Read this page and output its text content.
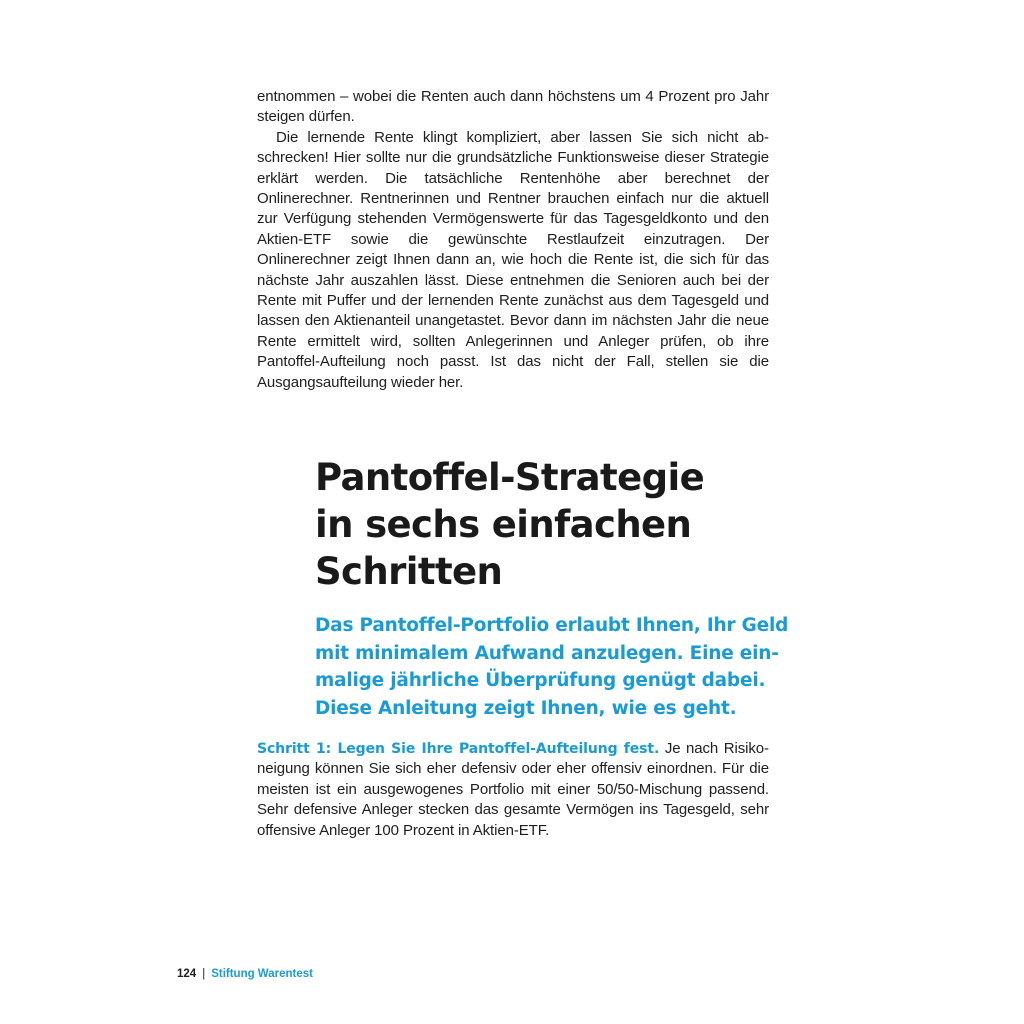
entnommen – wobei die Renten auch dann höchstens um 4 Prozent pro Jahr steigen dürfen.

Die lernende Rente klingt kompliziert, aber lassen Sie sich nicht abschrecken! Hier sollte nur die grundsätzliche Funktionsweise dieser Strategie erklärt werden. Die tatsächliche Rentenhöhe aber berechnet der Onlinerechner. Rentnerinnen und Rentner brauchen einfach nur die aktuell zur Verfügung stehenden Vermögenswerte für das Tagesgeldkonto und den Aktien-ETF sowie die gewünschte Restlaufzeit einzutragen. Der Onlinerechner zeigt Ihnen dann an, wie hoch die Rente ist, die sich für das nächste Jahr auszahlen lässt. Diese entnehmen die Senioren auch bei der Rente mit Puffer und der lernenden Rente zunächst aus dem Tagesgeld und lassen den Aktienanteil unangetastet. Bevor dann im nächsten Jahr die neue Rente ermittelt wird, sollten Anlegerinnen und Anleger prüfen, ob ihre Pantoffel-Aufteilung noch passt. Ist das nicht der Fall, stellen sie die Ausgangsaufteilung wieder her.

Pantoffel-Strategie
in sechs einfachen
Schritten
Das Pantoffel-Portfolio erlaubt Ihnen, Ihr Geld
mit minimalem Aufwand anzulegen. Eine ein-
malige jährliche Überprüfung genügt dabei.
Diese Anleitung zeigt Ihnen, wie es geht.

Schritt 1: Legen Sie Ihre Pantoffel-Aufteilung fest. Je nach Risikoneigung können Sie sich eher defensiv oder eher offensiv einordnen. Für die meisten ist ein ausgewogenes Portfolio mit einer 50/50-Mischung passend. Sehr defensive Anleger stecken das gesamte Vermögen ins Tagesgeld, sehr offensive Anleger 100 Prozent in Aktien-ETF.

124 | Stiftung Warentest
